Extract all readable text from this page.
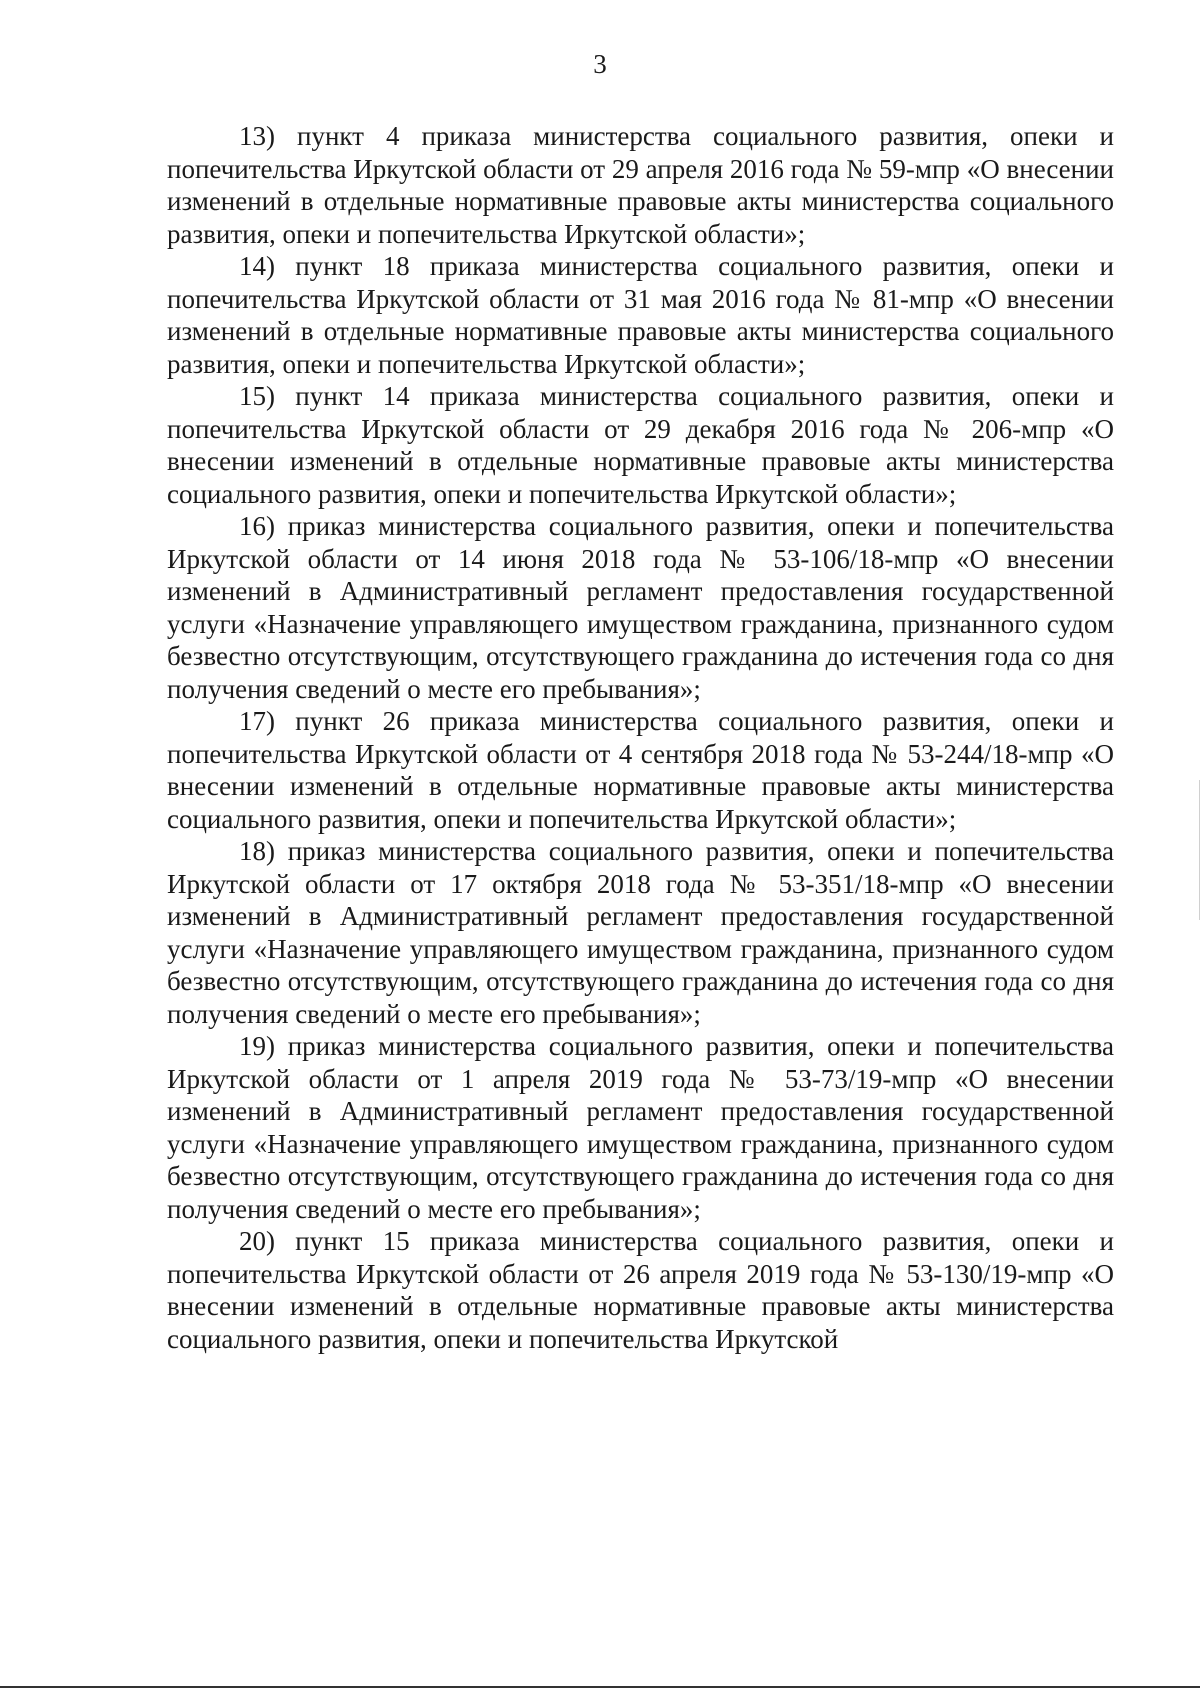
3

13) пункт 4 приказа министерства социального развития, опеки и попечительства Иркутской области от 29 апреля 2016 года № 59-мпр «О внесении изменений в отдельные нормативные правовые акты министерства социального развития, опеки и попечительства Иркутской области»;

14) пункт 18 приказа министерства социального развития, опеки и попечительства Иркутской области от 31 мая 2016 года № 81-мпр «О внесении изменений в отдельные нормативные правовые акты министерства социального развития, опеки и попечительства Иркутской области»;

15) пункт 14 приказа министерства социального развития, опеки и попечительства Иркутской области от 29 декабря 2016 года № 206-мпр «О внесении изменений в отдельные нормативные правовые акты министерства социального развития, опеки и попечительства Иркутской области»;

16) приказ министерства социального развития, опеки и попечительства Иркутской области от 14 июня 2018 года № 53-106/18-мпр «О внесении изменений в Административный регламент предоставления государственной услуги «Назначение управляющего имуществом гражданина, признанного судом безвестно отсутствующим, отсутствующего гражданина до истечения года со дня получения сведений о месте его пребывания»;

17) пункт 26 приказа министерства социального развития, опеки и попечительства Иркутской области от 4 сентября 2018 года № 53-244/18-мпр «О внесении изменений в отдельные нормативные правовые акты министерства социального развития, опеки и попечительства Иркутской области»;

18) приказ министерства социального развития, опеки и попечительства Иркутской области от 17 октября 2018 года № 53-351/18-мпр «О внесении изменений в Административный регламент предоставления государственной услуги «Назначение управляющего имуществом гражданина, признанного судом безвестно отсутствующим, отсутствующего гражданина до истечения года со дня получения сведений о месте его пребывания»;

19) приказ министерства социального развития, опеки и попечительства Иркутской области от 1 апреля 2019 года № 53-73/19-мпр «О внесении изменений в Административный регламент предоставления государственной услуги «Назначение управляющего имуществом гражданина, признанного судом безвестно отсутствующим, отсутствующего гражданина до истечения года со дня получения сведений о месте его пребывания»;

20) пункт 15 приказа министерства социального развития, опеки и попечительства Иркутской области от 26 апреля 2019 года № 53-130/19-мпр «О внесении изменений в отдельные нормативные правовые акты министерства социального развития, опеки и попечительства Иркутской
